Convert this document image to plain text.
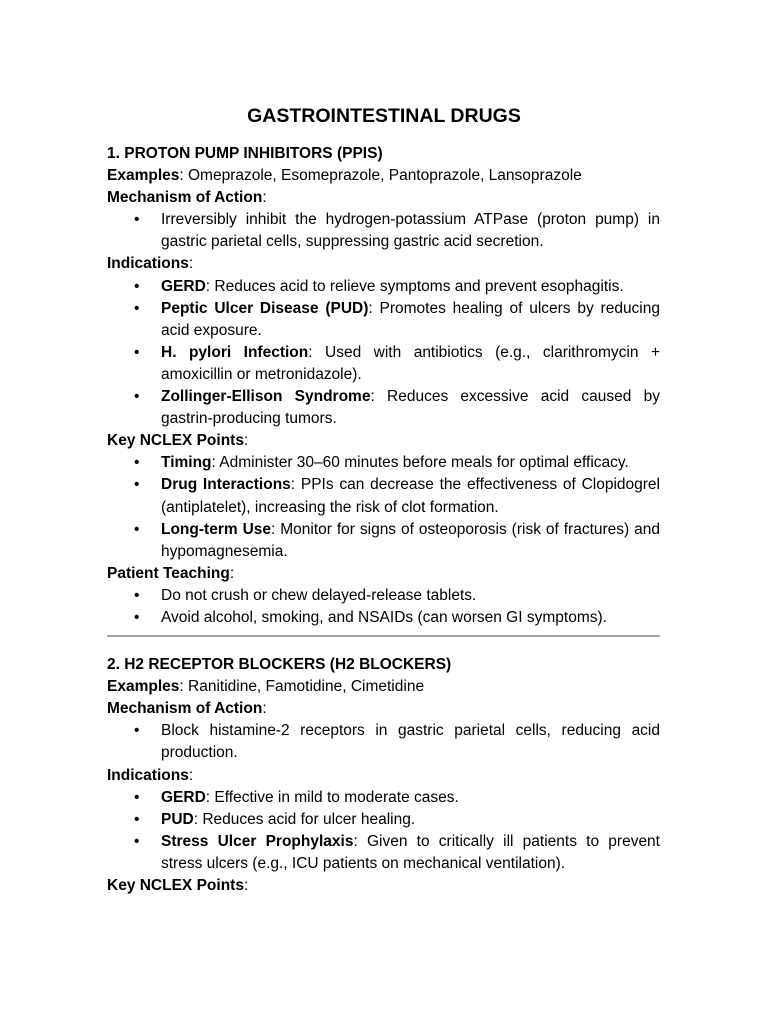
GASTROINTESTINAL DRUGS
1. PROTON PUMP INHIBITORS (PPIS)
Examples: Omeprazole, Esomeprazole, Pantoprazole, Lansoprazole
Mechanism of Action:
• Irreversibly inhibit the hydrogen-potassium ATPase (proton pump) in gastric parietal cells, suppressing gastric acid secretion.
Indications:
• GERD: Reduces acid to relieve symptoms and prevent esophagitis.
• Peptic Ulcer Disease (PUD): Promotes healing of ulcers by reducing acid exposure.
• H. pylori Infection: Used with antibiotics (e.g., clarithromycin + amoxicillin or metronidazole).
• Zollinger-Ellison Syndrome: Reduces excessive acid caused by gastrin-producing tumors.
Key NCLEX Points:
• Timing: Administer 30–60 minutes before meals for optimal efficacy.
• Drug Interactions: PPIs can decrease the effectiveness of Clopidogrel (antiplatelet), increasing the risk of clot formation.
• Long-term Use: Monitor for signs of osteoporosis (risk of fractures) and hypomagnesemia.
Patient Teaching:
• Do not crush or chew delayed-release tablets.
• Avoid alcohol, smoking, and NSAIDs (can worsen GI symptoms).
2. H2 RECEPTOR BLOCKERS (H2 BLOCKERS)
Examples: Ranitidine, Famotidine, Cimetidine
Mechanism of Action:
• Block histamine-2 receptors in gastric parietal cells, reducing acid production.
Indications:
• GERD: Effective in mild to moderate cases.
• PUD: Reduces acid for ulcer healing.
• Stress Ulcer Prophylaxis: Given to critically ill patients to prevent stress ulcers (e.g., ICU patients on mechanical ventilation).
Key NCLEX Points:
